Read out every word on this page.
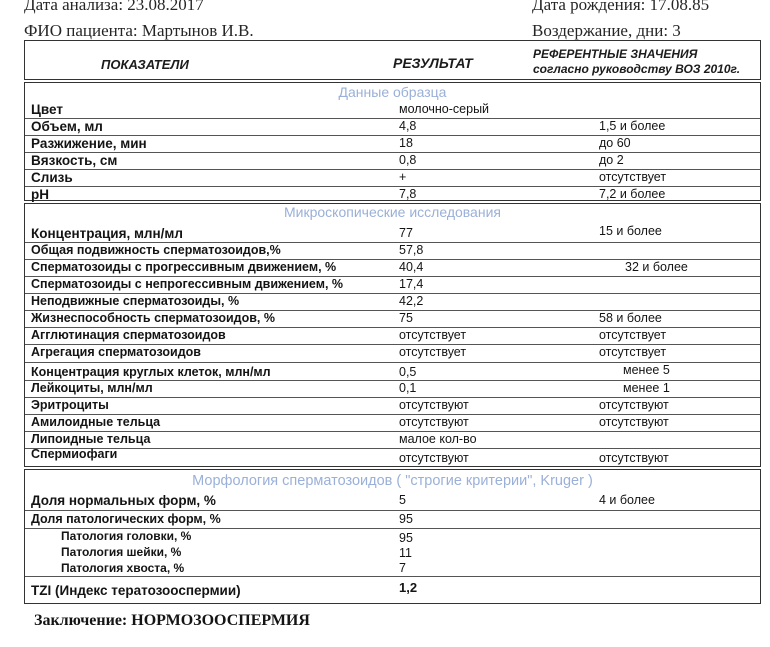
Дата анализа: 23.08.2017	Дата рождения: 17.08.85
ФИО пациента: Мартынов И.В.	Воздержание, дни: 3
ПОКАЗАТЕЛИ	РЕЗУЛЬТАТ
РЕФЕРЕНТНЫЕ ЗНАЧЕНИЯ
согласно руководству ВОЗ 2010г.
Данные образца
Цвет	молочно-серый
Объем, мл	4,8	1,5 и более
Разжижение, мин	18	до 60
Вязкость, см	0,8	до 2
Слизь	+	отсутствует
pH	7,8	7,2 и более
Микроскопические исследования
Концентрация, млн/мл	77	15 и более
Общая подвижность сперматозоидов,%	57,8
Сперматозоиды с прогрессивным движением, %	40,4	32 и более
Сперматозоиды с непрогессивным движением, %	17,4
Неподвижные сперматозоиды, %	42,2
Жизнеспособность сперматозоидов, %	75	58 и более
Агглютинация сперматозоидов	отсутствует	отсутствует
Агрегация сперматозоидов	отсутствует	отсутствует
Концентрация круглых клеток, млн/мл	0,5	менее 5
Лейкоциты, млн/мл	0,1	менее 1
Эритроциты	отсутствуют	отсутствуют
Амилоидные тельца	отсутствуют	отсутствуют
Липоидные тельца	малое кол-во
Спермиофаги	отсутствуют	отсутствуют
Морфология сперматозоидов ( "строгие критерии", Kruger )
Доля нормальных форм, %	5	4 и более
Доля патологических форм, %	95
Патология головки, %	95
Патология шейки, %	11
Патология хвоста, %	7
TZI (Индекс тератозооспермии)	1,2
Заключение: НОРМОЗООСПЕРМИЯ
